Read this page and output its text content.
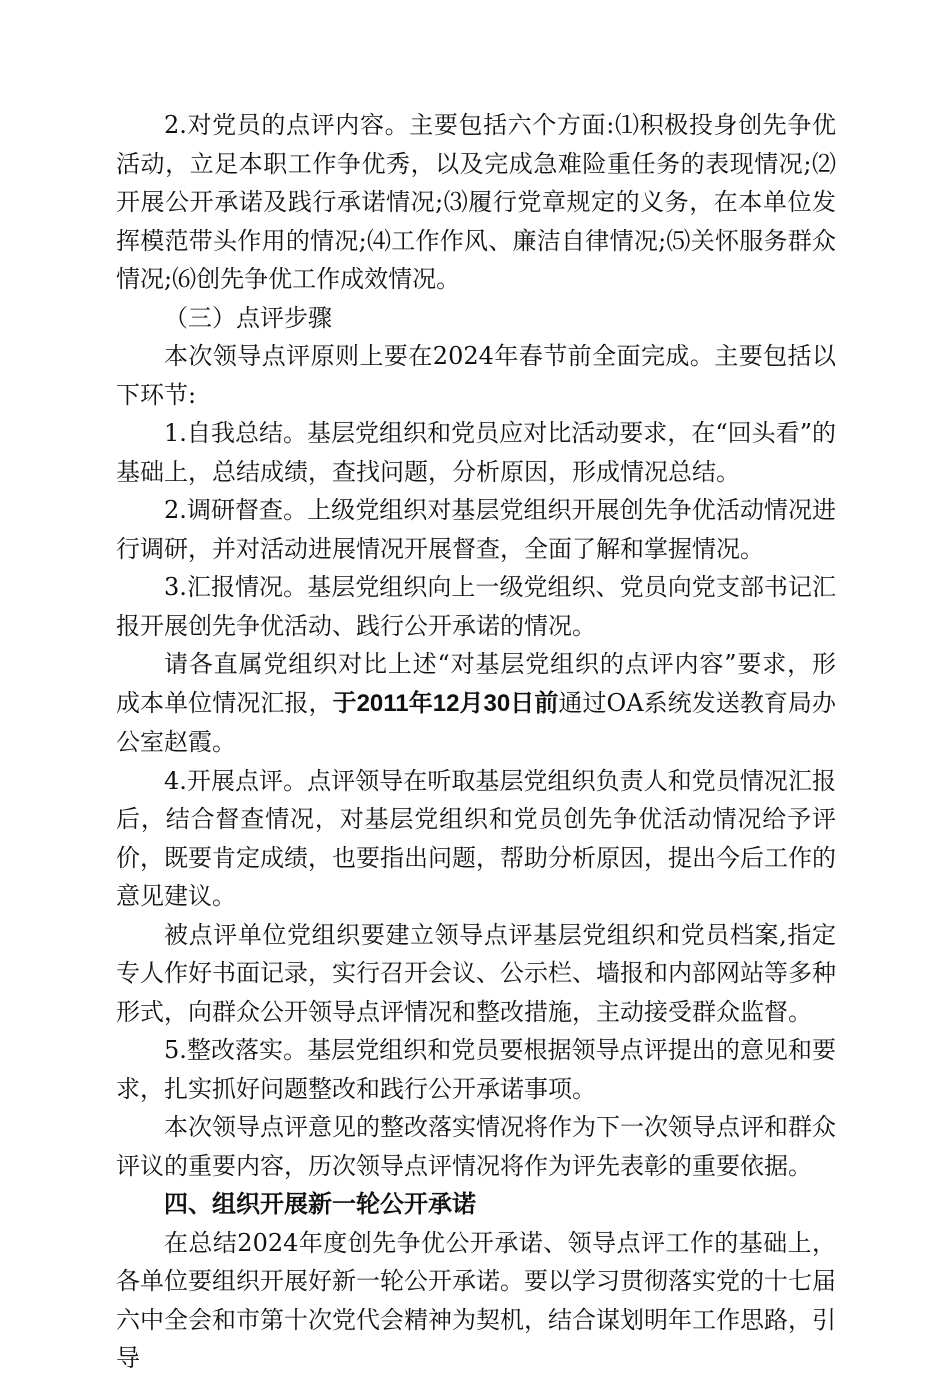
2.对党员的点评内容。主要包括六个方面:⑴积极投身创先争优活动，立足本职工作争优秀，以及完成急难险重任务的表现情况;⑵开展公开承诺及践行承诺情况;⑶履行党章规定的义务，在本单位发挥模范带头作用的情况;⑷工作作风、廉洁自律情况;⑸关怀服务群众情况;⑹创先争优工作成效情况。

（三）点评步骤

本次领导点评原则上要在2024年春节前全面完成。主要包括以下环节:

1.自我总结。基层党组织和党员应对比活动要求，在“回头看”的基础上，总结成绩，查找问题，分析原因，形成情况总结。

2.调研督查。上级党组织对基层党组织开展创先争优活动情况进行调研，并对活动进展情况开展督查，全面了解和掌握情况。

3.汇报情况。基层党组织向上一级党组织、党员向党支部书记汇报开展创先争优活动、践行公开承诺的情况。

请各直属党组织对比上述“对基层党组织的点评内容”要求，形成本单位情况汇报，于2011年12月30日前通过OA系统发送教育局办公室赵霞。

4.开展点评。点评领导在听取基层党组织负责人和党员情况汇报后，结合督查情况，对基层党组织和党员创先争优活动情况给予评价，既要肯定成绩，也要指出问题，帮助分析原因，提出今后工作的意见建议。

被点评单位党组织要建立领导点评基层党组织和党员档案,指定专人作好书面记录，实行召开会议、公示栏、墙报和内部网站等多种形式，向群众公开领导点评情况和整改措施，主动接受群众监督。

5.整改落实。基层党组织和党员要根据领导点评提出的意见和要求，扎实抓好问题整改和践行公开承诺事项。

本次领导点评意见的整改落实情况将作为下一次领导点评和群众评议的重要内容，历次领导点评情况将作为评先表彰的重要依据。

四、组织开展新一轮公开承诺

在总结2024年度创先争优公开承诺、领导点评工作的基础上，各单位要组织开展好新一轮公开承诺。要以学习贯彻落实党的十七届六中全会和市第十次党代会精神为契机，结合谋划明年工作思路，引导
